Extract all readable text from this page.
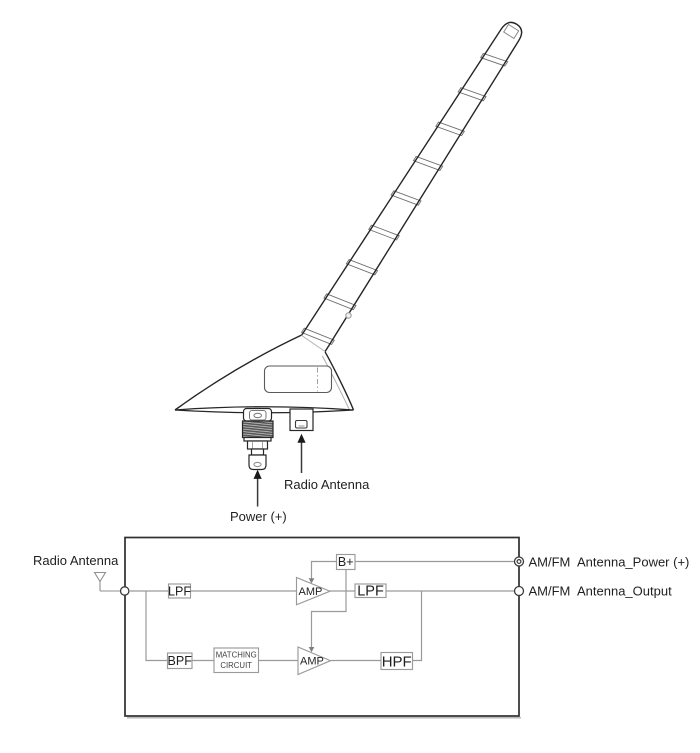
Radio Antenna
Power (+)
Radio Antenna
LPF
B+
LPF
BPF	MATCHING
CIRCUIT	HPF
AMP
AMP
AM/FM Antenna_Power (+)
AM/FM Antenna_Output
